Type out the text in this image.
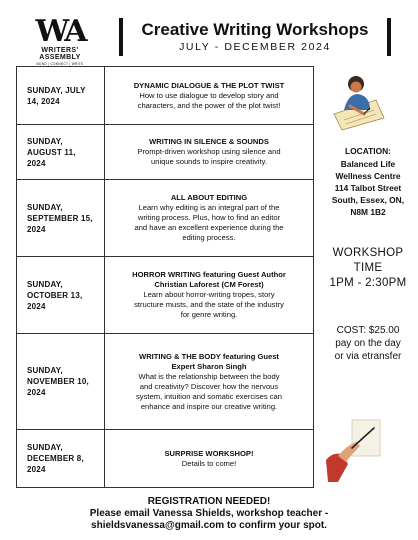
WA
WRITERS' ASSEMBLY
BOND | CONNECT | WRITE
Creative Writing Workshops
JULY - DECEMBER 2024
SUNDAY, JULY
14, 2024
DYNAMIC DIALOGUE & THE PLOT TWIST
How to use dialogue to develop story and
characters, and the power of the plot twist!
SUNDAY,
AUGUST 11,
2024
WRITING IN SILENCE & SOUNDS
Prompt-driven workshop using silence and
unique sounds to inspire creativity.
SUNDAY,
SEPTEMBER 15,
2024
ALL ABOUT EDITING
Learn why editing is an integral part of the
writing process. Plus, how to find an editor
and have an excellent experience during the
editing process.
SUNDAY,
OCTOBER 13,
2024
HORROR WRITING featuring Guest Author
Christian Laforest (CM Forest)
Learn about horror-writing tropes, story
structure musts, and the state of the industry
for genre writing.
SUNDAY,
NOVEMBER 10,
2024
WRITING & THE BODY featuring Guest
Expert Sharon Singh
What is the relationship between the body
and creativity? Discover how the nervous
system, intuition and somatic exercises can
enhance and inspire our creative writing.
SUNDAY,
DECEMBER 8,
2024
SURPRISE WORKSHOP!
Details to come!
LOCATION:
Balanced Life
Wellness Centre
114 Talbot Street
South, Essex, ON,
N8M 1B2
WORKSHOP
TIME
1PM - 2:30PM
COST: $25.00
pay on the day
or via etransfer
REGISTRATION NEEDED!
Please email Vanessa Shields, workshop teacher -
shieldsvanessa@gmail.com to confirm your spot.
